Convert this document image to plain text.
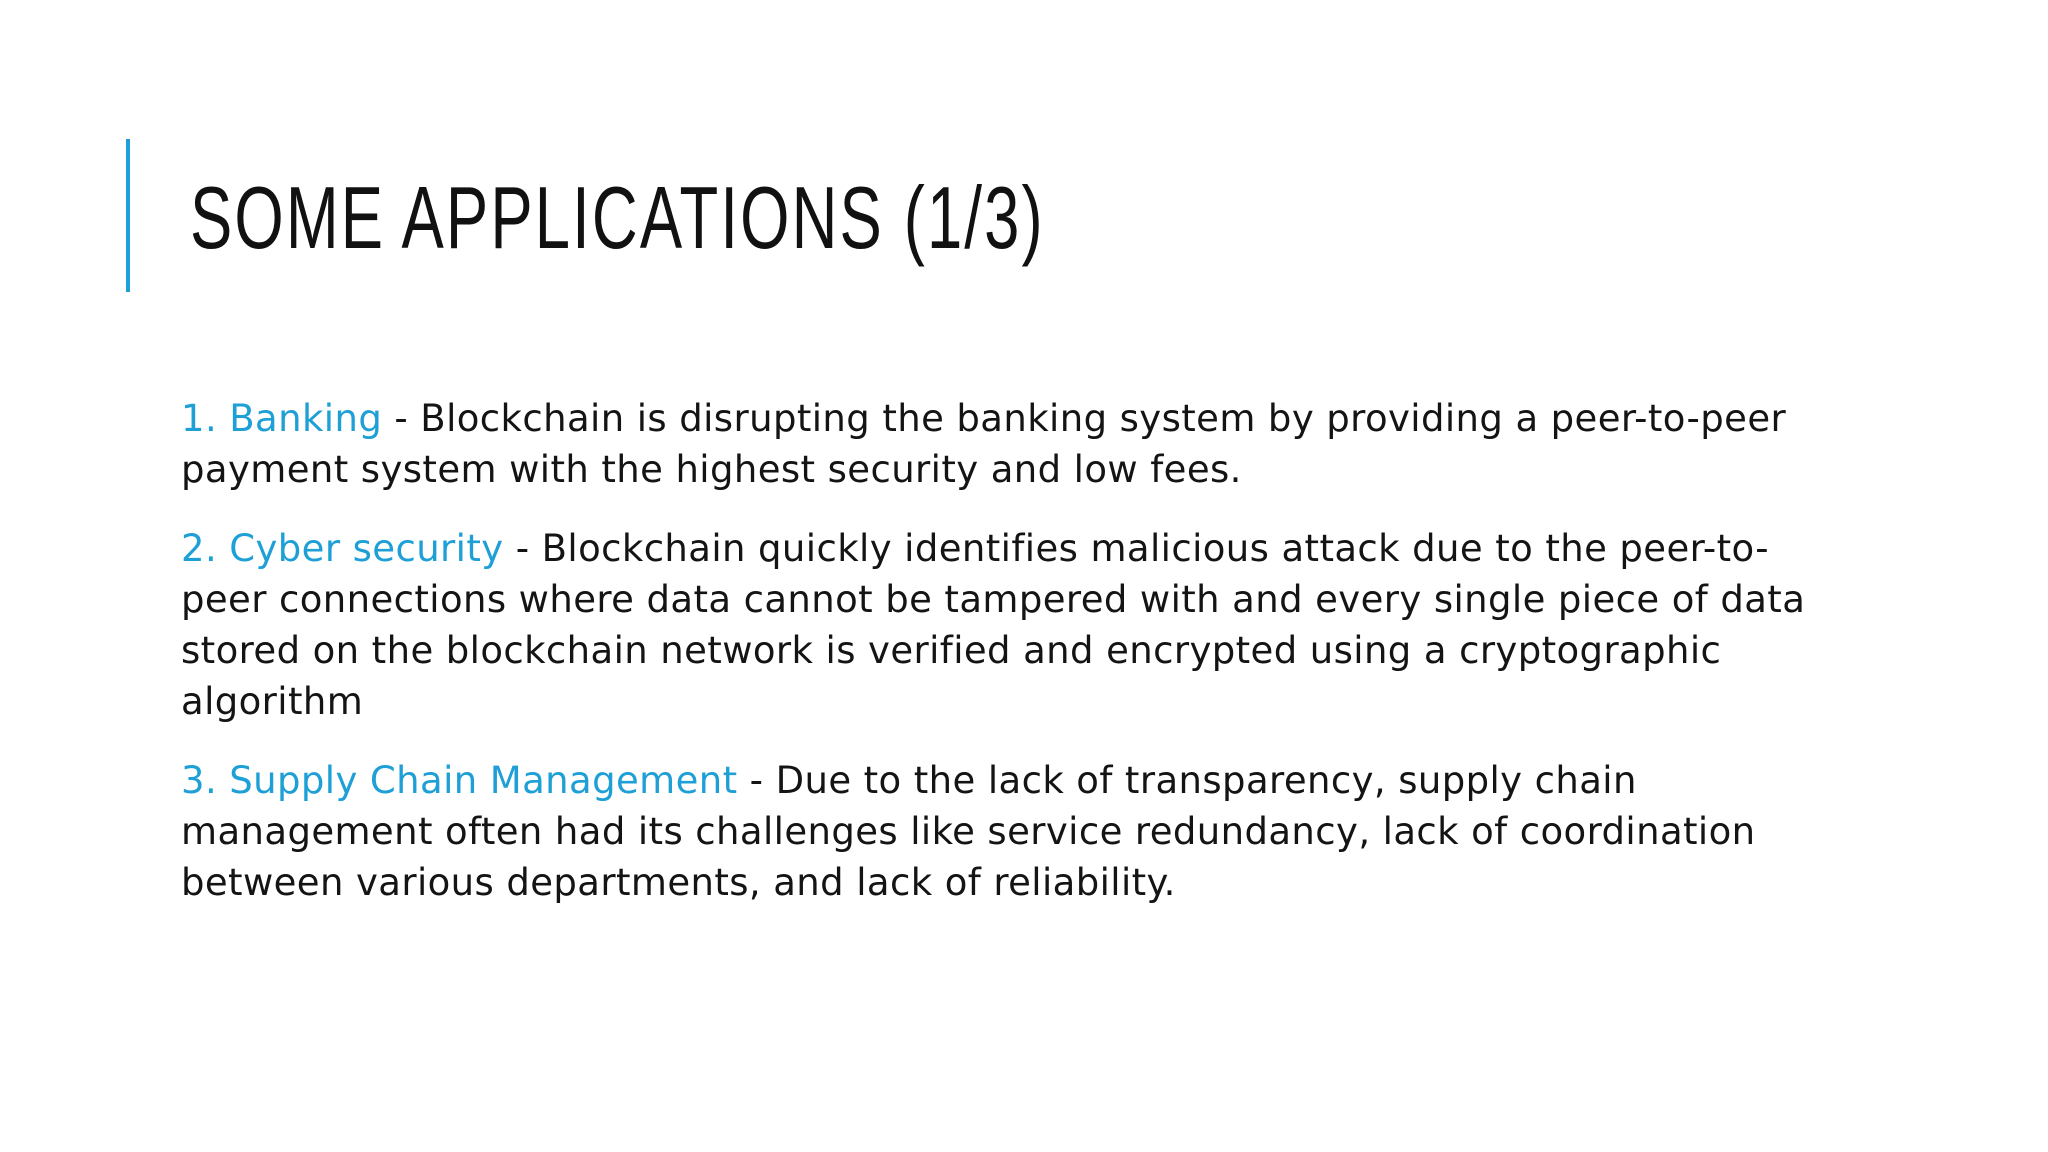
SOME APPLICATIONS (1/3)

1. Banking - Blockchain is disrupting the banking system by providing a peer-to-peer payment system with the highest security and low fees.

2. Cyber security - Blockchain quickly identifies malicious attack due to the peer-to-peer connections where data cannot be tampered with and every single piece of data stored on the blockchain network is verified and encrypted using a cryptographic algorithm

3. Supply Chain Management - Due to the lack of transparency, supply chain management often had its challenges like service redundancy, lack of coordination between various departments, and lack of reliability.
